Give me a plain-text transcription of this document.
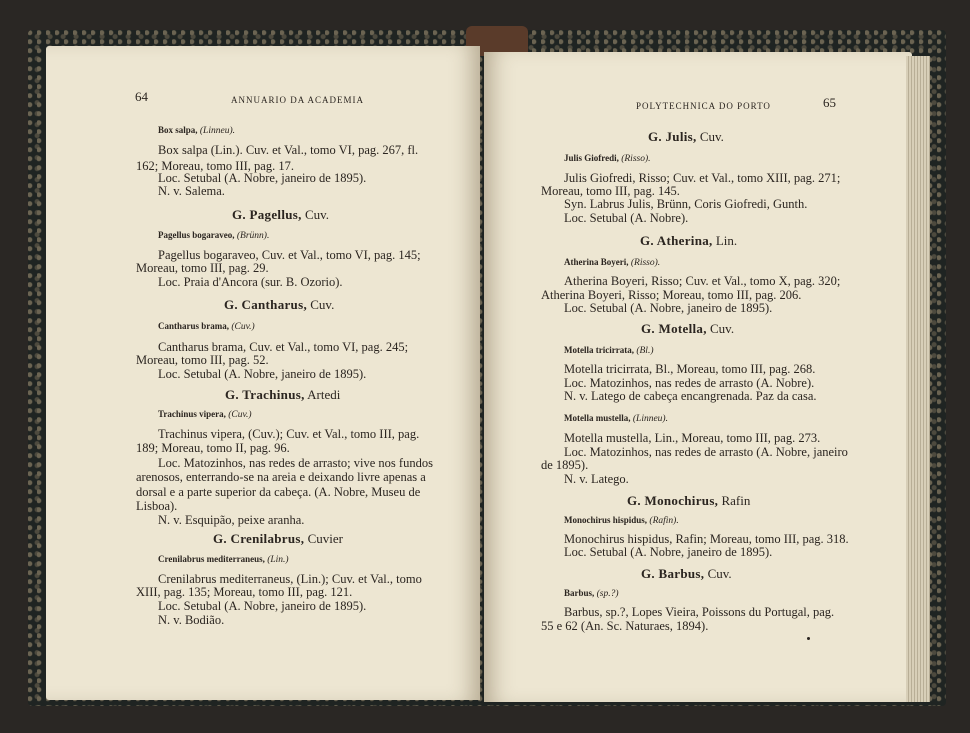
64	ANNUARIO DA ACADEMIA
Box salpa, (Linneu).
Box salpa (Lin.). Cuv. et Val., tomo VI, pag. 267, fl.
162; Moreau, tomo III, pag. 17.
Loc. Setubal (A. Nobre, janeiro de 1895).
N. v. Salema.
G. Pagellus, Cuv.
Pagellus bogaraveo, (Brünn).
Pagellus bogaraveo, Cuv. et Val., tomo VI, pag. 145;
Moreau, tomo III, pag. 29.
Loc. Praia d'Ancora (sur. B. Ozorio).
G. Cantharus, Cuv.
Cantharus brama, (Cuv.)
Cantharus brama, Cuv. et Val., tomo VI, pag. 245;
Moreau, tomo III, pag. 52.
Loc. Setubal (A. Nobre, janeiro de 1895).
G. Trachinus, Artedi
Trachinus vipera, (Cuv.)
Trachinus vipera, (Cuv.); Cuv. et Val., tomo III, pag.
189; Moreau, tomo II, pag. 96.
Loc. Matozinhos, nas redes de arrasto; vive nos fundos
arenosos, enterrando-se na areia e deixando livre apenas a
dorsal e a parte superior da cabeça. (A. Nobre, Museu de
Lisboa).
N. v. Esquipão, peixe aranha.
G. Crenilabrus, Cuvier
Crenilabrus mediterraneus, (Lin.)
Crenilabrus mediterraneus, (Lin.); Cuv. et Val., tomo
XIII, pag. 135; Moreau, tomo III, pag. 121.
Loc. Setubal (A. Nobre, janeiro de 1895).
N. v. Bodião.
POLYTECHNICA DO PORTO	65
G. Julis, Cuv.
Julis Giofredi, (Risso).
Julis Giofredi, Risso; Cuv. et Val., tomo XIII, pag. 271;
Moreau, tomo III, pag. 145.
Syn. Labrus Julis, Brünn, Coris Giofredi, Gunth.
Loc. Setubal (A. Nobre).
G. Atherina, Lin.
Atherina Boyeri, (Risso).
Atherina Boyeri, Risso; Cuv. et Val., tomo X, pag. 320;
Atherina Boyeri, Risso; Moreau, tomo III, pag. 206.
Loc. Setubal (A. Nobre, janeiro de 1895).
G. Motella, Cuv.
Motella tricirrata, (Bl.)
Motella tricirrata, Bl., Moreau, tomo III, pag. 268.
Loc. Matozinhos, nas redes de arrasto (A. Nobre).
N. v. Latego de cabeça encangrenada. Paz da casa.
Motella mustella, (Linneu).
Motella mustella, Lin., Moreau, tomo III, pag. 273.
Loc. Matozinhos, nas redes de arrasto (A. Nobre, janeiro
de 1895).
N. v. Latego.
G. Monochirus, Rafin
Monochirus hispidus, (Rafin).
Monochirus hispidus, Rafin; Moreau, tomo III, pag. 318.
Loc. Setubal (A. Nobre, janeiro de 1895).
G. Barbus, Cuv.
Barbus, (sp.?)
Barbus, sp.?, Lopes Vieira, Poissons du Portugal, pag.
55 e 62 (An. Sc. Naturaes, 1894).
